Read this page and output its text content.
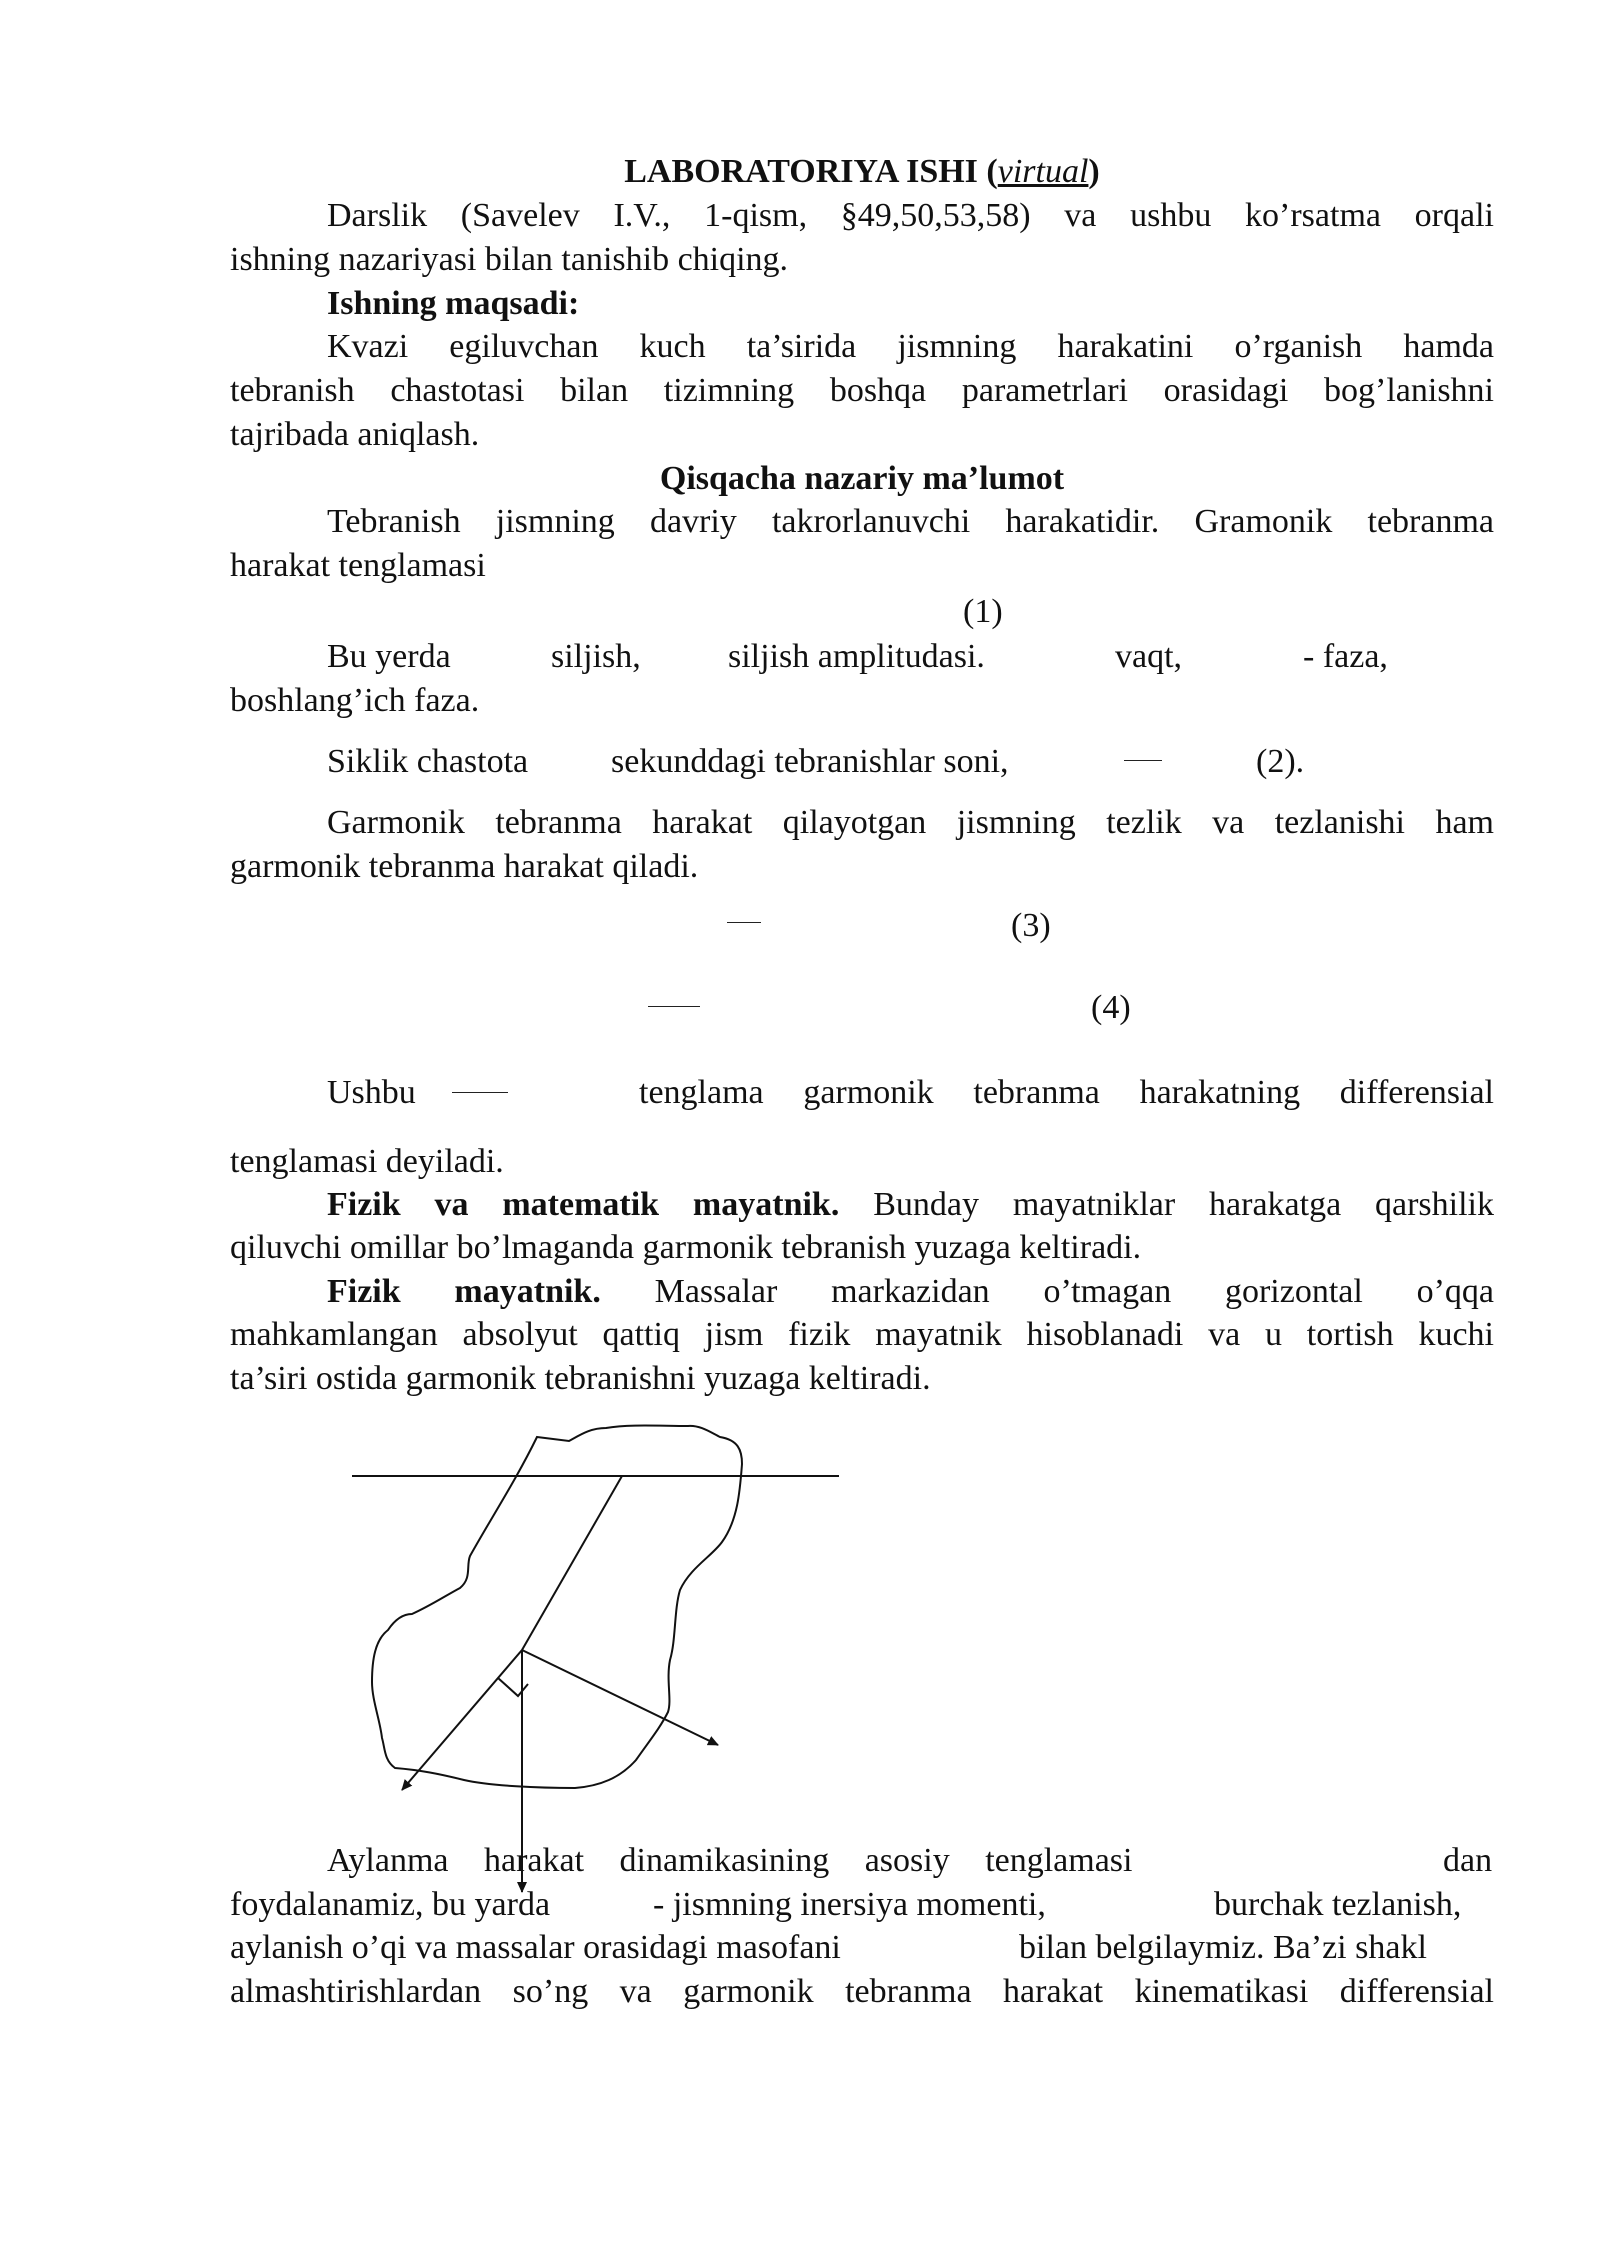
LABORATORIYA ISHI (virtual)
Darslik (Savelev I.V., 1-qism, §49,50,53,58) va ushbu ko’rsatma orqali
ishning nazariyasi bilan tanishib chiqing.
Ishning maqsadi:
Kvazi egiluvchan kuch ta’sirida jismning harakatini o’rganish hamda
tebranish chastotasi bilan tizimning boshqa parametrlari orasidagi bog’lanishni
tajribada aniqlash.
Qisqacha nazariy ma’lumot
Tebranish jismning davriy takrorlanuvchi harakatidir. Gramonik tebranma
harakat tenglamasi
(1)
Bu yerda	siljish,	siljish amplitudasi.	vaqt,	- faza,
boshlang’ich faza.
Siklik chastota sekunddagi tebranishlar soni,	(2).
Garmonik tebranma harakat qilayotgan jismning tezlik va tezlanishi ham
garmonik tebranma harakat qiladi.
(3)
(4)
Ushbu	tenglama garmonik tebranma harakatning differensial
tenglamasi deyiladi.
Fizik va matematik mayatnik. Bunday mayatniklar harakatga qarshilik
qiluvchi omillar bo’lmaganda garmonik tebranish yuzaga keltiradi.
Fizik mayatnik. Massalar markazidan o’tmagan gorizontal o’qqa
mahkamlangan absolyut qattiq jism fizik mayatnik hisoblanadi va u tortish kuchi
ta’siri ostida garmonik tebranishni yuzaga keltiradi.
Aylanma harakat dinamikasining asosiy tenglamasi	dan
foydalanamiz, bu yarda	- jismning inersiya momenti,	burchak tezlanish,
aylanish o’qi va massalar orasidagi masofani	bilan belgilaymiz. Ba’zi shakl
almashtirishlardan so’ng va garmonik tebranma harakat kinematikasi differensial
